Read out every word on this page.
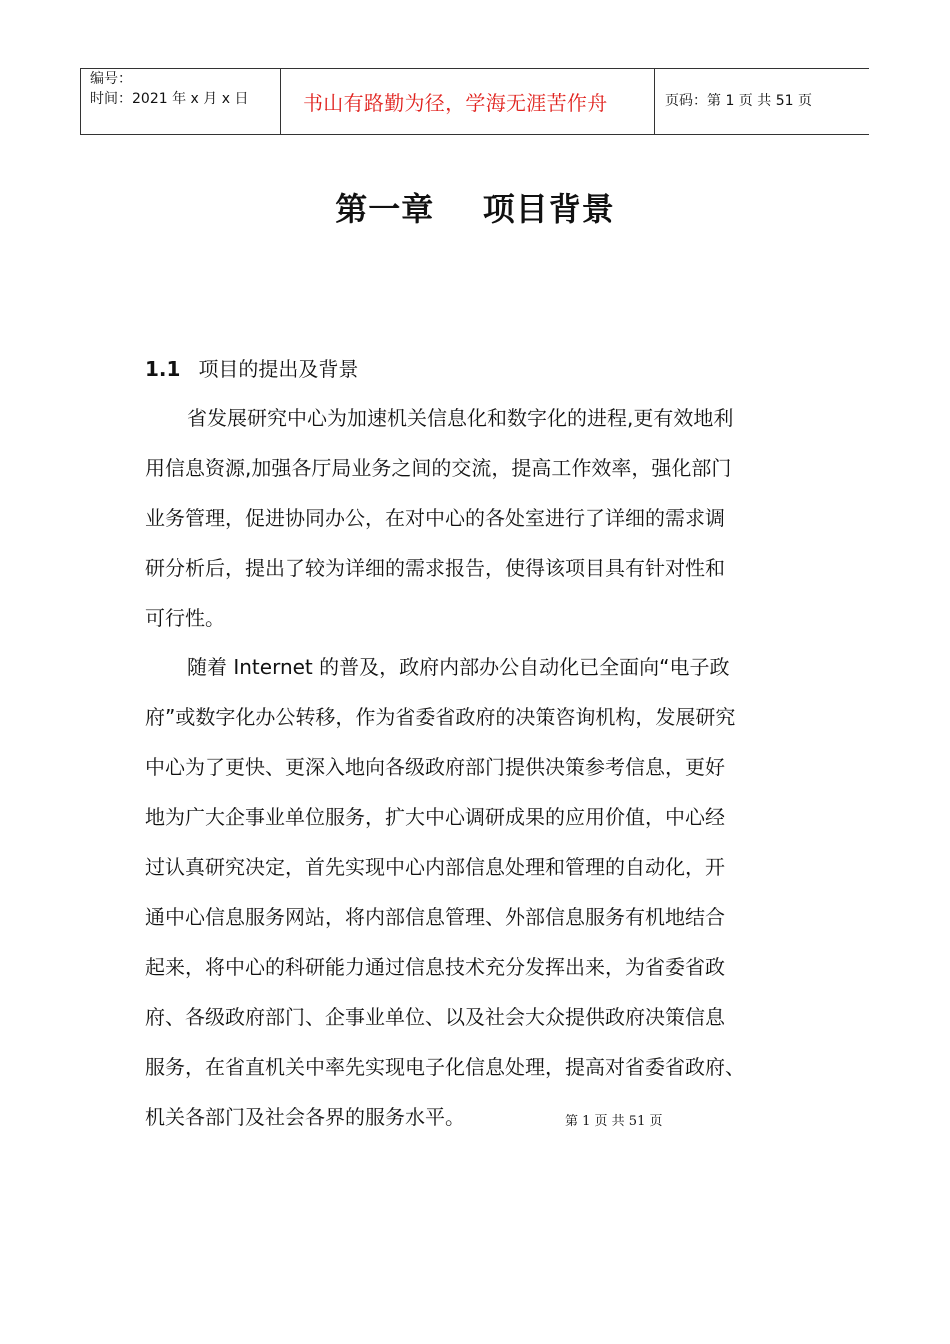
编号：
时间：2021 年 x 月 x 日	书山有路勤为径，学海无涯苦作舟	页码：第 1 页 共 51 页
第一章    项目背景
1.1 项目的提出及背景
省发展研究中心为加速机关信息化和数字化的进程,更有效地利
用信息资源,加强各厅局业务之间的交流，提高工作效率，强化部门
业务管理，促进协同办公，在对中心的各处室进行了详细的需求调
研分析后，提出了较为详细的需求报告，使得该项目具有针对性和
可行性。
随着 Internet 的普及，政府内部办公自动化已全面向“电子政
府”或数字化办公转移，作为省委省政府的决策咨询机构，发展研究
中心为了更快、更深入地向各级政府部门提供决策参考信息，更好
地为广大企事业单位服务，扩大中心调研成果的应用价值，中心经
过认真研究决定，首先实现中心内部信息处理和管理的自动化，开
通中心信息服务网站，将内部信息管理、外部信息服务有机地结合
起来，将中心的科研能力通过信息技术充分发挥出来，为省委省政
府、各级政府部门、企事业单位、以及社会大众提供政府决策信息
服务，在省直机关中率先实现电子化信息处理，提高对省委省政府、
机关各部门及社会各界的服务水平。	第 1 页 共 51 页
